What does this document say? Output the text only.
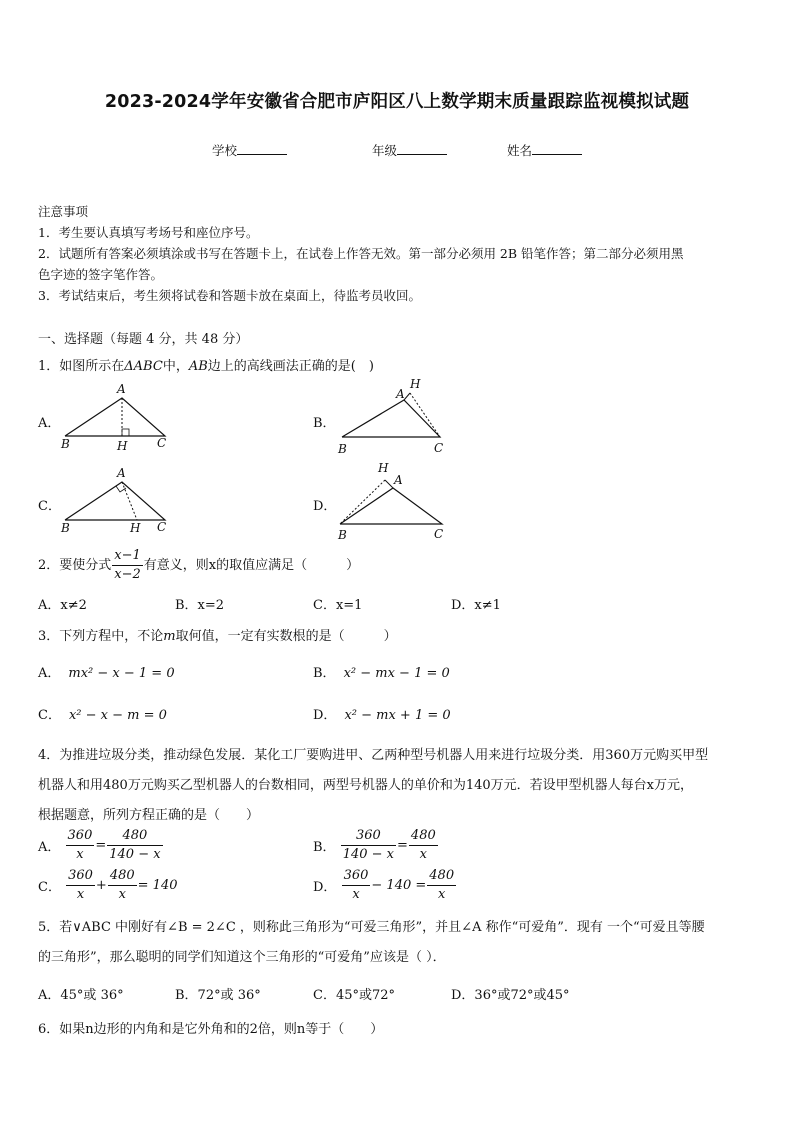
2023-2024学年安徽省合肥市庐阳区八上数学期末质量跟踪监视模拟试题
学校	年级	姓名
注意事项
1．考生要认真填写考场号和座位序号。
2．试题所有答案必须填涂或书写在答题卡上，在试卷上作答无效。第一部分必须用 2B 铅笔作答；第二部分必须用黑
色字迹的签字笔作答。
3．考试结束后，考生须将试卷和答题卡放在桌面上，待监考员收回。
一、选择题（每题 4 分，共 48 分）
1．如图所示在ΔABC中，AB边上的高线画法正确的是(　)
A．
A
B	H C
B．
A
H
B	C
C．
A
B	H C
D．
H
A
B	C
2．要使分式 $\frac{x-1}{x-2}$ 有意义，则x的取值应满足（　　　）
A．x≠2	B．x=2	C．x=1	D．x≠1
3．下列方程中，不论m取何值，一定有实数根的是（　　　）
A． mx² − x − 1 = 0	B． x² − mx − 1 = 0
C． x² − x − m = 0	D． x² − mx + 1 = 0
4．为推进垃圾分类，推动绿色发展．某化工厂要购进甲、乙两种型号机器人用来进行垃圾分类．用360万元购买甲型
机器人和用480万元购买乙型机器人的台数相同，两型号机器人的单价和为140万元．若设甲型机器人每台x万元，
根据题意，所列方程正确的是（　　）
A． $\frac{360}{x} = \frac{480}{140 - x}$	B． $\frac{360}{140 - x} = \frac{480}{x}$
C． $\frac{360}{x} + \frac{480}{x} = 140$	D． $\frac{360}{x} - 140 = \frac{480}{x}$
5．若∨ABC 中刚好有∠B = 2∠C ，则称此三角形为“可爱三角形”，并且∠A 称作“可爱角”．现有 一个“可爱且等腰
的三角形”，那么聪明的同学们知道这个三角形的“可爱角”应该是（ ）．
A．45°或 36°	B．72°或 36°	C．45°或72°	D．36°或72°或45°
6．如果n边形的内角和是它外角和的2倍，则n等于（　　）
